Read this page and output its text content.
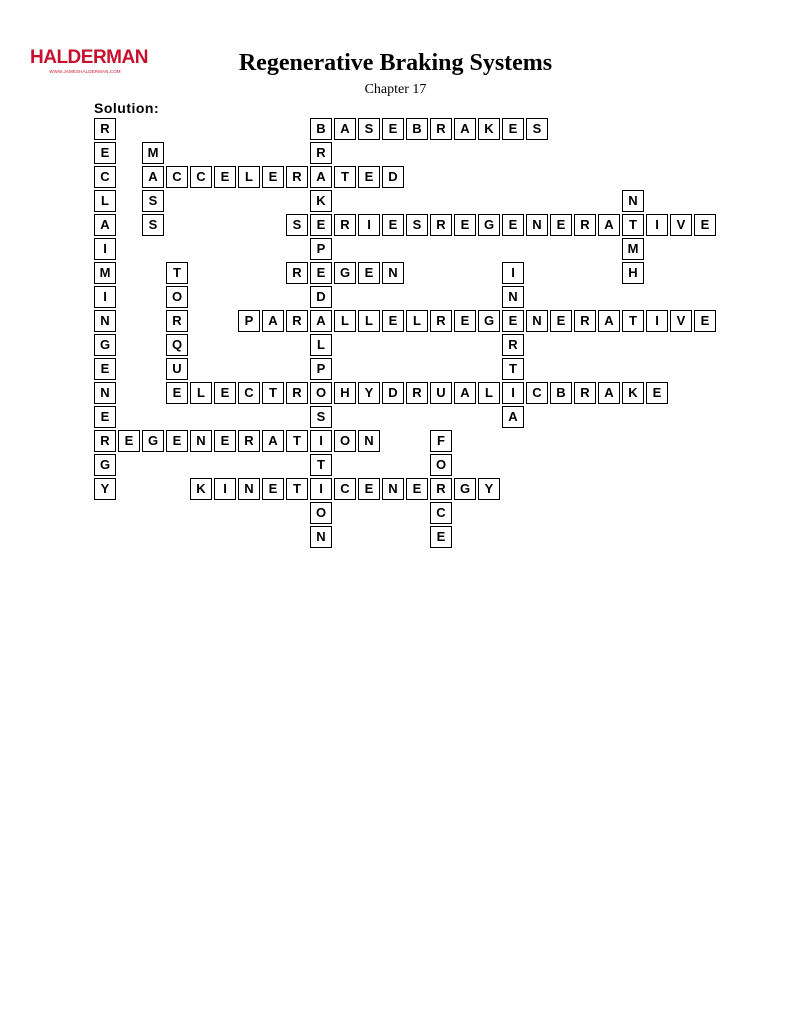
HALDERMAN
WWW.JAMESHALDERMAN.COM	Regenerative Braking Systems
Chapter 17
Solution:
R	B	A	S	E	B	R	A	K	E	S
E	M	R
C	A	C	C	E	L	E	R	A	T	E	D
L	S	K	N
A	S	S	E	R	I	E	S	R	E	G	E	N	E	R	A	T	I	V	E
I	P	M
M	T	R	E	G	E	N	I	H
I	O	D	N
N	R	P	A	R	A	L	L	E	L	R	E	G	E	N	E	R	A	T	I	V	E
G	Q	L	R
E	U	P	T
N	E	L	E	C	T	R	O	H	Y	D	R	U	A	L	I	C	B	R	A	K	E
E	S	A
R	E	G	E	N	E	R	A	T	I	O	N	F
G	T	O
Y	K	I	N	E	T	I	C	E	N	E	R	G	Y
O	C
N	E
